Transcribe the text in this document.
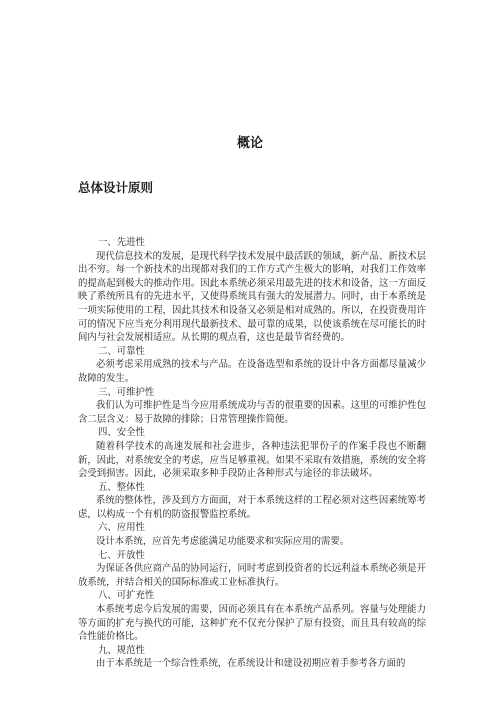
概论
总体设计原则
一、先进性
现代信息技术的发展，是现代科学技术发展中最活跃的领域，新产品、新技术层出不穷。每一个新技术的出现都对我们的工作方式产生极大的影响，对我们工作效率的提高起到极大的推动作用。因此本系统必须采用最先进的技术和设备，这一方面反映了系统所具有的先进水平，又使得系统具有强大的发展潜力。同时，由于本系统是一项实际使用的工程，因此其技术和设备又必须是相对成熟的。所以，在投资费用许可的情况下应当充分利用现代最新技术、最可靠的成果，以使该系统在尽可能长的时间内与社会发展相适应。从长期的观点看，这也是最节省经费的。
二、可靠性
必须考虑采用成熟的技术与产品。在设备选型和系统的设计中各方面都尽量减少故障的发生。
三、可维护性
我们认为可维护性是当今应用系统成功与否的很重要的因素。这里的可维护性包含二层含义：易于故障的排除；日常管理操作简便。
四、安全性
随着科学技术的高速发展和社会进步，各种违法犯罪份子的作案手段也不断翻新，因此，对系统安全的考虑，应当足够重视。如果不采取有效措施，系统的安全将会受到损害。因此，必须采取多种手段防止各种形式与途径的非法破坏。
五、整体性
系统的整体性，涉及到方方面面，对于本系统这样的工程必须对这些因素统筹考虑，以构成一个有机的防盗报警监控系统。
六、应用性
设计本系统，应首先考虑能满足功能要求和实际应用的需要。
七、开放性
为保证各供应商产品的协同运行，同时考虑到投资者的长远利益本系统必须是开放系统，并结合相关的国际标准或工业标准执行。
八、可扩充性
本系统考虑今后发展的需要，因而必须具有在本系统产品系列。容量与处理能力等方面的扩充与换代的可能，这种扩充不仅充分保护了原有投资，而且具有较高的综合性能价格比。
九、规范性
由于本系统是一个综合性系统，在系统设计和建设初期应着手参考各方面的
